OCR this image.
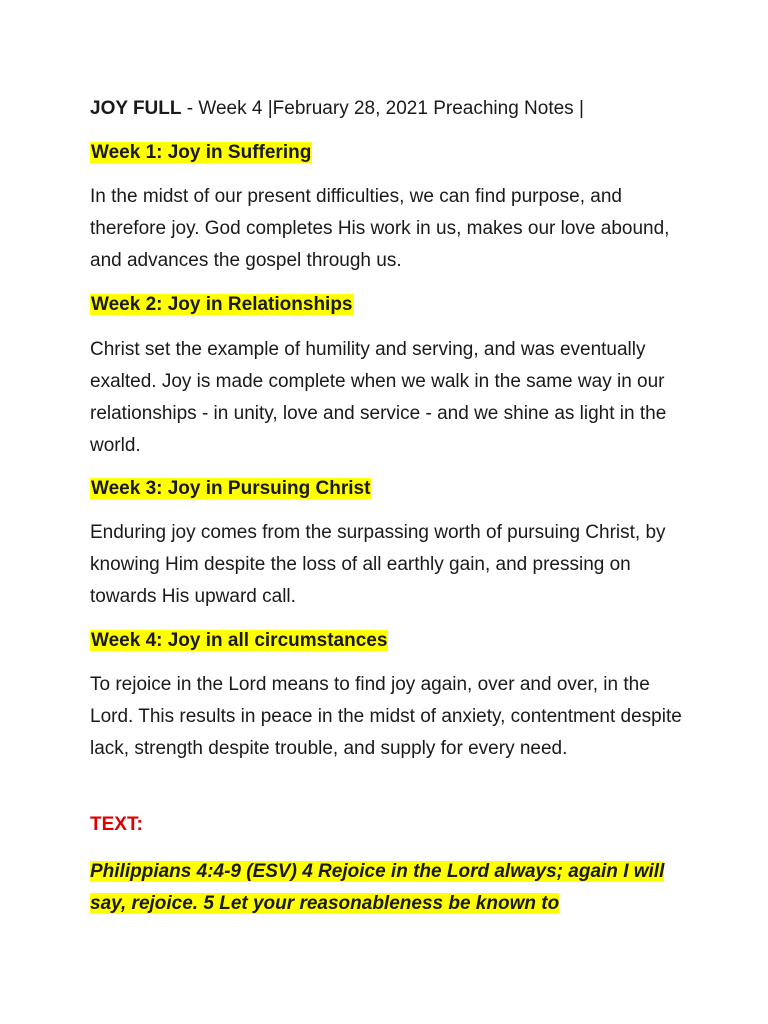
JOY FULL - Week 4 |February 28, 2021 Preaching Notes |
Week 1: Joy in Suffering
In the midst of our present difficulties, we can find purpose, and therefore joy. God completes His work in us, makes our love abound, and advances the gospel through us.
Week 2: Joy in Relationships
Christ set the example of humility and serving, and was eventually exalted. Joy is made complete when we walk in the same way in our relationships - in unity, love and service - and we shine as light in the world.
Week 3: Joy in Pursuing Christ
Enduring joy comes from the surpassing worth of pursuing Christ, by knowing Him despite the loss of all earthly gain, and pressing on towards His upward call.
Week 4: Joy in all circumstances
To rejoice in the Lord means to find joy again, over and over, in the Lord. This results in peace in the midst of anxiety, contentment despite lack, strength despite trouble, and supply for every need.
TEXT:
Philippians 4:4-9 (ESV) 4 Rejoice in the Lord always; again I will say, rejoice. 5 Let your reasonableness be known to
